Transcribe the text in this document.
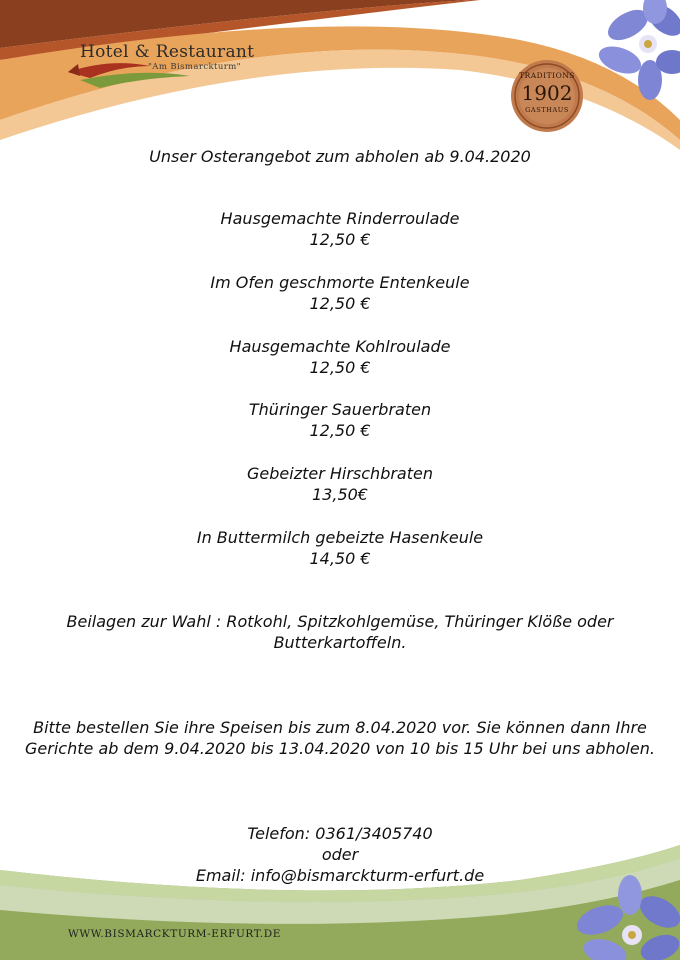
Hotel & Restaurant
"Am Bismarckturm"
TRADITIONS
1902
GASTHAUS
Unser Osterangebot zum abholen ab 9.04.2020
Hausgemachte Rinderroulade
12,50 €
Im Ofen geschmorte Entenkeule
12,50 €
Hausgemachte Kohlroulade
12,50 €
Thüringer Sauerbraten
12,50 €
Gebeizter Hirschbraten
13,50€
In Buttermilch gebeizte Hasenkeule
14,50 €
Beilagen zur Wahl : Rotkohl, Spitzkohlgemüse, Thüringer Klöße oder Butterkartoffeln.
Bitte bestellen Sie ihre Speisen bis zum 8.04.2020 vor. Sie können dann Ihre Gerichte ab dem 9.04.2020 bis 13.04.2020 von 10 bis 15 Uhr bei uns abholen.
Telefon: 0361/3405740
oder
Email: info@bismarckturm-erfurt.de
WWW.BISMARCKTURM-ERFURT.DE
